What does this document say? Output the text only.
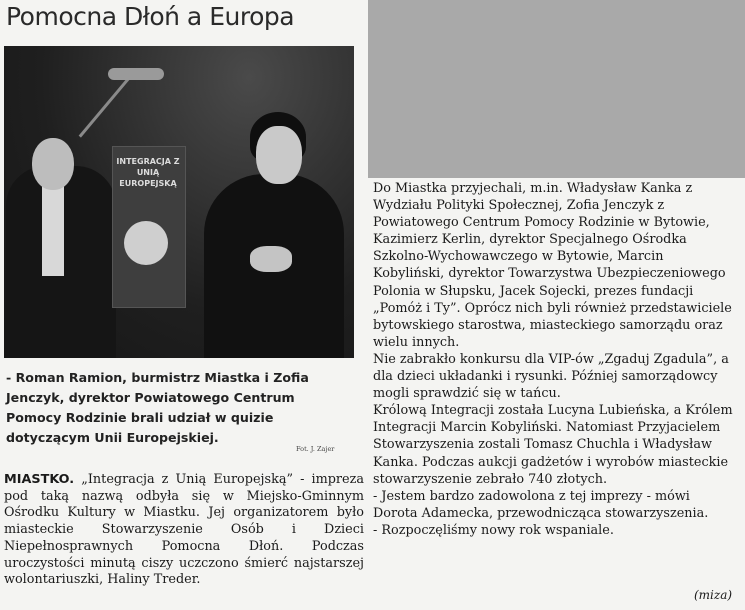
Pomocna Dłoń a Europa
INTEGRACJA Z UNIĄ EUROPEJSKĄ
- Roman Ramion, burmistrz Miastka i Zofia Jenczyk, dyrektor Powiatowego Centrum Pomocy Rodzinie brali udział w quizie dotyczącym Unii Europejskiej.
Fot. J. Zajer

MIASTKO. „Integracja z Unią Europejską” - impreza pod taką nazwą odbyła się w Miejsko-Gminnym Ośrodku Kultury w Miastku. Jej organizatorem było miasteckie Stowarzyszenie Osób i Dzieci Niepełnosprawnych Pomocna Dłoń. Podczas uroczystości minutą ciszy uczczono śmierć najstarszej wolontariuszki, Haliny Treder.

Do Miastka przyjechali, m.in. Władysław Kanka z Wydziału Polityki Społecznej, Zofia Jenczyk z Powiatowego Centrum Pomocy Rodzinie w Bytowie, Kazimierz Kerlin, dyrektor Specjalnego Ośrodka Szkolno-Wychowawczego w Bytowie, Marcin Kobyliński, dyrektor Towarzystwa Ubezpieczeniowego Polonia w Słupsku, Jacek Sojecki, prezes fundacji „Pomóż i Ty”. Oprócz nich byli również przedstawiciele bytowskiego starostwa, miasteckiego samorządu oraz wielu innych.

Nie zabrakło konkursu dla VIP-ów „Zgaduj Zgadula”, a dla dzieci układanki i rysunki. Później samorządowcy mogli sprawdzić się w tańcu.

Królową Integracji została Lucyna Lubieńska, a Królem Integracji Marcin Kobyliński. Natomiast Przyjacielem Stowarzyszenia zostali Tomasz Chuchla i Władysław Kanka. Podczas aukcji gadżetów i wyrobów miasteckie stowarzyszenie zebrało 740 złotych.

- Jestem bardzo zadowolona z tej imprezy - mówi Dorota Adamecka, przewodnicząca stowarzyszenia.

- Rozpoczęliśmy nowy rok wspaniale.

(miza)
